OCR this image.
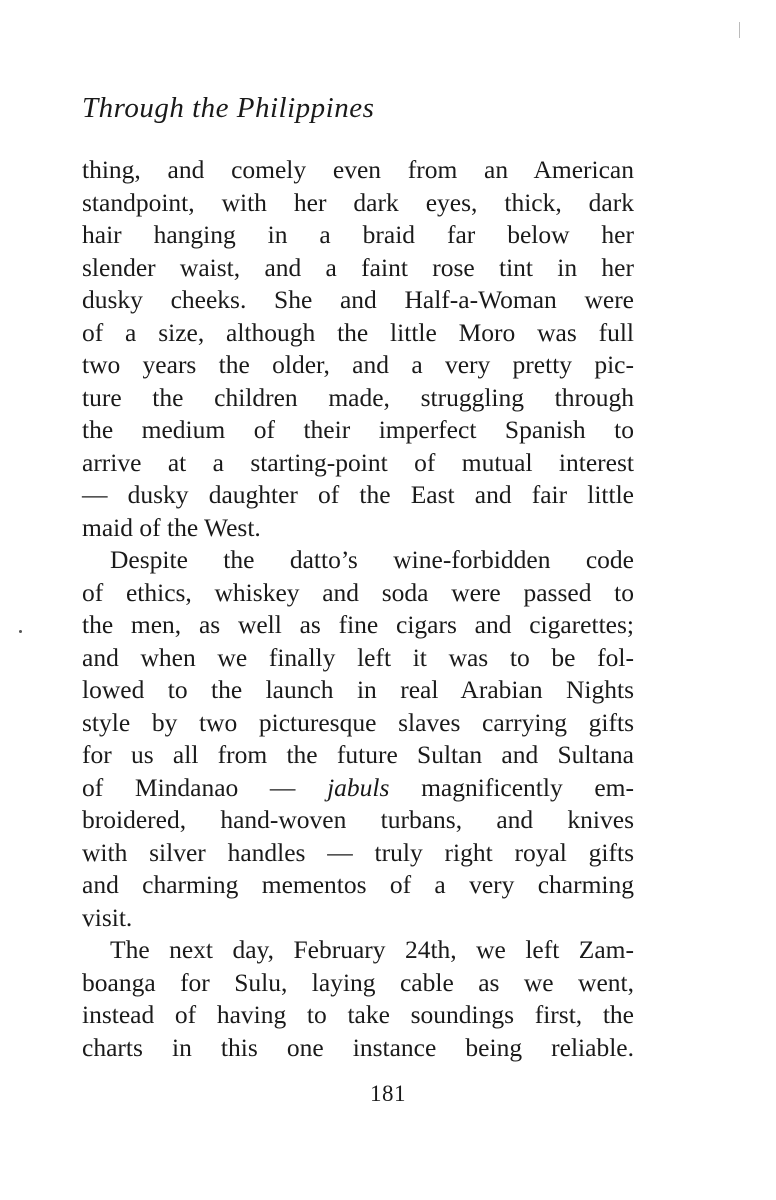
Through the Philippines
thing, and comely even from an American
standpoint, with her dark eyes, thick, dark
hair hanging in a braid far below her
slender waist, and a faint rose tint in her
dusky cheeks. She and Half-a-Woman were
of a size, although the little Moro was full
two years the older, and a very pretty pic-
ture the children made, struggling through
the medium of their imperfect Spanish to
arrive at a starting-point of mutual interest
— dusky daughter of the East and fair little
maid of the West.
Despite the datto’s wine-forbidden code
of ethics, whiskey and soda were passed to
the men, as well as fine cigars and cigarettes;
and when we finally left it was to be fol-
lowed to the launch in real Arabian Nights
style by two picturesque slaves carrying gifts
for us all from the future Sultan and Sultana
of Mindanao — jabuls magnificently em-
broidered, hand-woven turbans, and knives
with silver handles — truly right royal gifts
and charming mementos of a very charming
visit.
The next day, February 24th, we left Zam-
boanga for Sulu, laying cable as we went,
instead of having to take soundings first, the
charts in this one instance being reliable.
181
